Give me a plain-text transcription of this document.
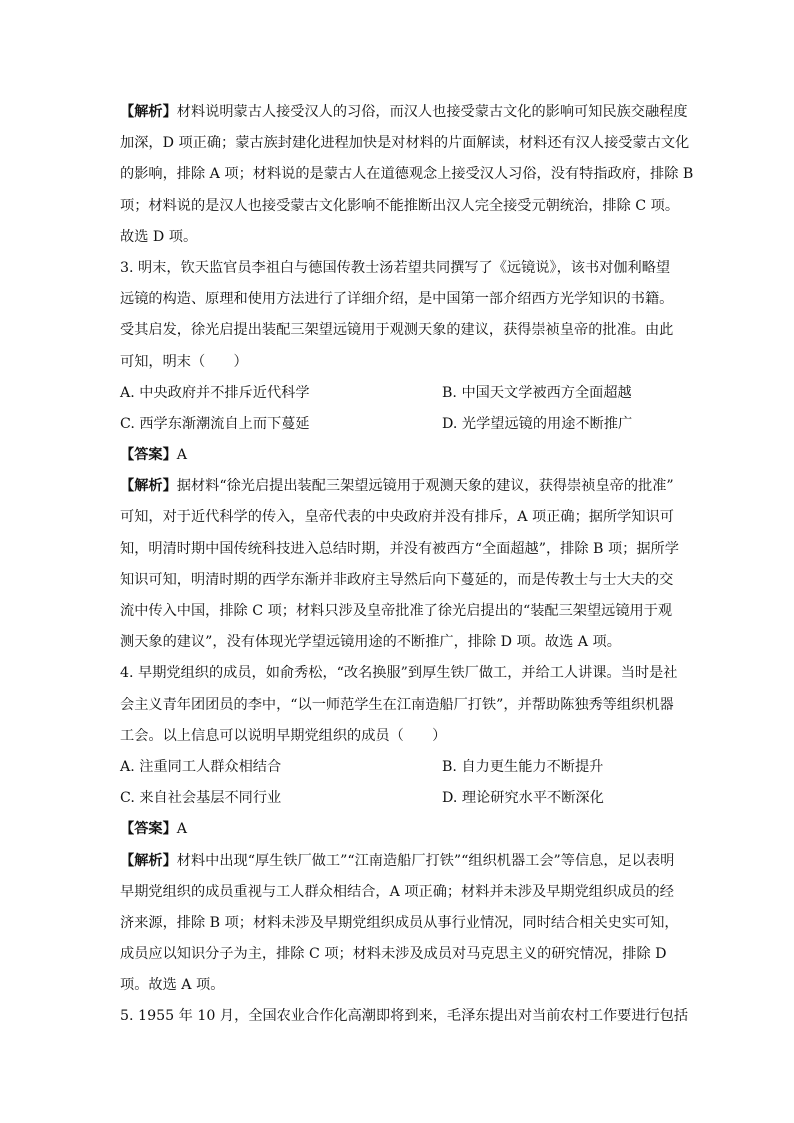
【解析】材料说明蒙古人接受汉人的习俗，而汉人也接受蒙古文化的影响可知民族交融程度
加深，D 项正确；蒙古族封建化进程加快是对材料的片面解读，材料还有汉人接受蒙古文化
的影响，排除 A 项；材料说的是蒙古人在道德观念上接受汉人习俗，没有特指政府，排除 B
项；材料说的是汉人也接受蒙古文化影响不能推断出汉人完全接受元朝统治，排除 C 项。
故选 D 项。
3. 明末，钦天监官员李祖白与德国传教士汤若望共同撰写了《远镜说》，该书对伽利略望
远镜的构造、原理和使用方法进行了详细介绍，是中国第一部介绍西方光学知识的书籍。
受其启发，徐光启提出装配三架望远镜用于观测天象的建议，获得崇祯皇帝的批准。由此
可知，明末（　　）
A. 中央政府并不排斥近代科学	B. 中国天文学被西方全面超越
C. 西学东渐潮流自上而下蔓延	D. 光学望远镜的用途不断推广
【答案】A
【解析】据材料“徐光启提出装配三架望远镜用于观测天象的建议，获得崇祯皇帝的批准”
可知，对于近代科学的传入，皇帝代表的中央政府并没有排斥，A 项正确；据所学知识可
知，明清时期中国传统科技进入总结时期，并没有被西方“全面超越”，排除 B 项；据所学
知识可知，明清时期的西学东渐并非政府主导然后向下蔓延的，而是传教士与士大夫的交
流中传入中国，排除 C 项；材料只涉及皇帝批准了徐光启提出的“装配三架望远镜用于观
测天象的建议”，没有体现光学望远镜用途的不断推广，排除 D 项。故选 A 项。
4. 早期党组织的成员，如俞秀松，“改名换服”到厚生铁厂做工，并给工人讲课。当时是社
会主义青年团团员的李中，“以一师范学生在江南造船厂打铁”，并帮助陈独秀等组织机器
工会。以上信息可以说明早期党组织的成员（　　）
A. 注重同工人群众相结合	B. 自力更生能力不断提升
C. 来自社会基层不同行业	D. 理论研究水平不断深化
【答案】A
【解析】材料中出现“厚生铁厂做工”“江南造船厂打铁”“组织机器工会”等信息，足以表明
早期党组织的成员重视与工人群众相结合，A 项正确；材料并未涉及早期党组织成员的经
济来源，排除 B 项；材料未涉及早期党组织成员从事行业情况，同时结合相关史实可知，
成员应以知识分子为主，排除 C 项；材料未涉及成员对马克思主义的研究情况，排除 D
项。故选 A 项。
5. 1955 年 10 月，全国农业合作化高潮即将到来，毛泽东提出对当前农村工作要进行包括
